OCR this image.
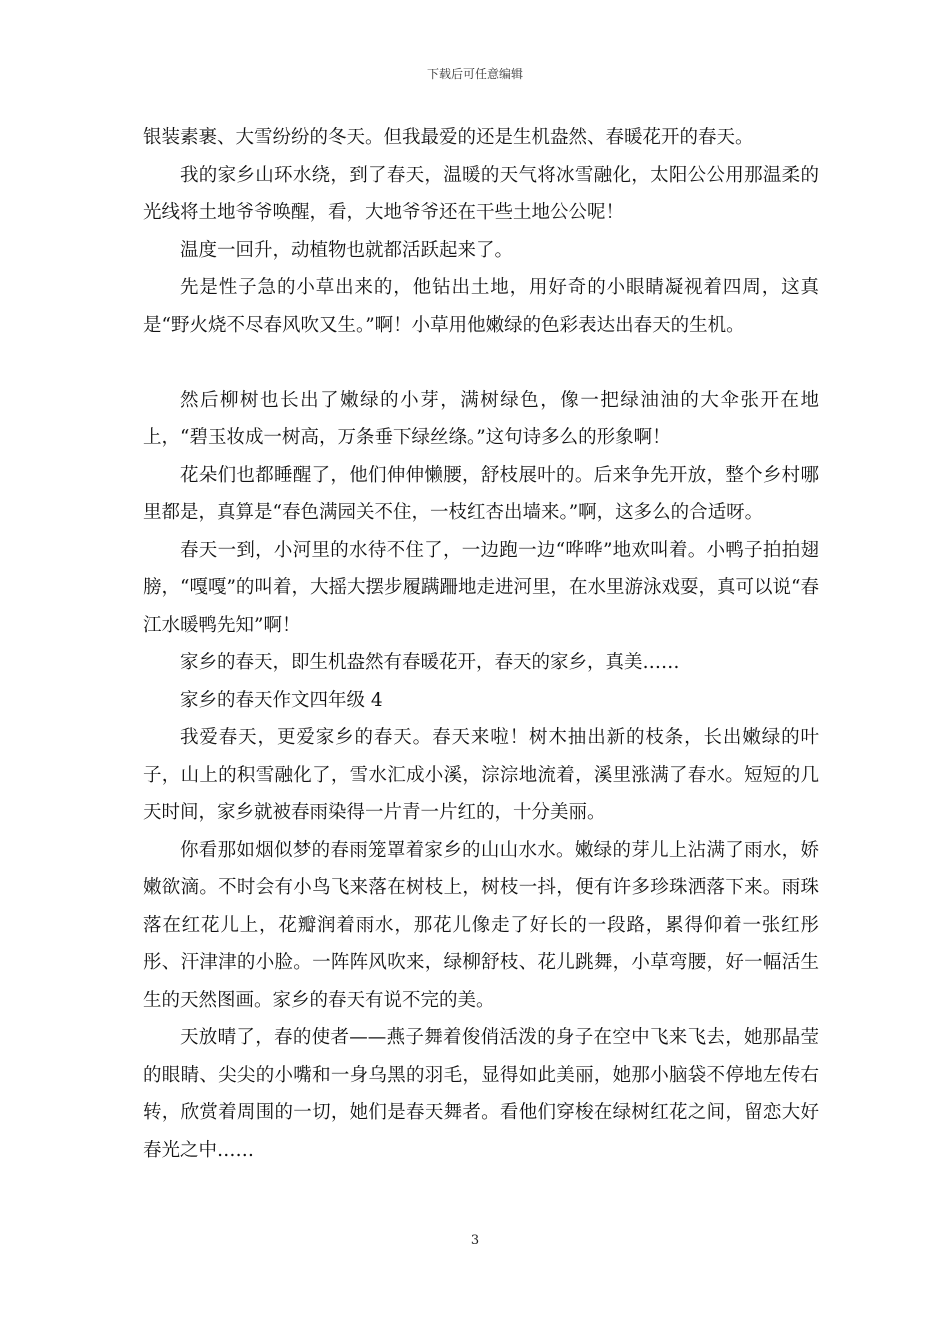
下载后可任意编辑

银装素裹、大雪纷纷的冬天。但我最爱的还是生机盎然、春暖花开的春天。

我的家乡山环水绕，到了春天，温暖的天气将冰雪融化，太阳公公用那温柔的光线将土地爷爷唤醒，看，大地爷爷还在干些土地公公呢！

温度一回升，动植物也就都活跃起来了。

先是性子急的小草出来的，他钻出土地，用好奇的小眼睛凝视着四周，这真是“野火烧不尽春风吹又生。”啊！小草用他嫩绿的色彩表达出春天的生机。

然后柳树也长出了嫩绿的小芽，满树绿色，像一把绿油油的大伞张开在地上，“碧玉妆成一树高，万条垂下绿丝绦。”这句诗多么的形象啊！

花朵们也都睡醒了，他们伸伸懒腰，舒枝展叶的。后来争先开放，整个乡村哪里都是，真算是“春色满园关不住，一枝红杏出墙来。”啊，这多么的合适呀。

春天一到，小河里的水待不住了，一边跑一边“哗哗”地欢叫着。小鸭子拍拍翅膀，“嘎嘎”的叫着，大摇大摆步履蹒跚地走进河里，在水里游泳戏耍，真可以说“春江水暖鸭先知”啊！

家乡的春天，即生机盎然有春暖花开，春天的家乡，真美……

家乡的春天作文四年级 4

我爱春天，更爱家乡的春天。春天来啦！树木抽出新的枝条，长出嫩绿的叶子，山上的积雪融化了，雪水汇成小溪，淙淙地流着，溪里涨满了春水。短短的几天时间，家乡就被春雨染得一片青一片红的，十分美丽。

你看那如烟似梦的春雨笼罩着家乡的山山水水。嫩绿的芽儿上沾满了雨水，娇嫩欲滴。不时会有小鸟飞来落在树枝上，树枝一抖，便有许多珍珠洒落下来。雨珠落在红花儿上，花瓣润着雨水，那花儿像走了好长的一段路，累得仰着一张红彤彤、汗津津的小脸。一阵阵风吹来，绿柳舒枝、花儿跳舞，小草弯腰，好一幅活生生的天然图画。家乡的春天有说不完的美。

天放晴了，春的使者——燕子舞着俊俏活泼的身子在空中飞来飞去，她那晶莹的眼睛、尖尖的小嘴和一身乌黑的羽毛，显得如此美丽，她那小脑袋不停地左传右转，欣赏着周围的一切，她们是春天舞者。看他们穿梭在绿树红花之间，留恋大好春光之中……

3
